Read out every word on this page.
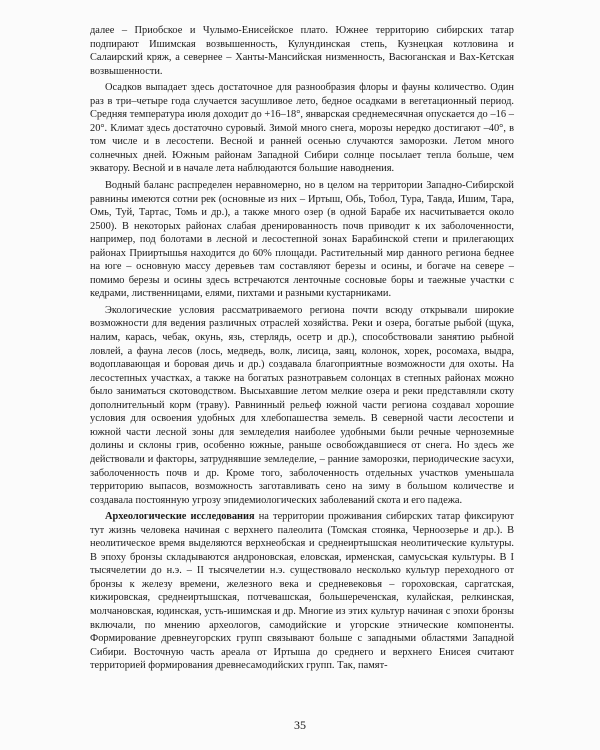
далее – Приобское и Чулымо-Енисейское плато. Южнее территорию сибирских татар подпирают Ишимская возвышенность, Кулундинская степь, Кузнецкая котловина и Салаирский кряж, а севернее – Ханты-Мансийская низменность, Васюганская и Вах-Кетская возвышенности.

Осадков выпадает здесь достаточное для разнообразия флоры и фауны количество. Один раз в три–четыре года случается засушливое лето, бедное осадками в вегетационный период. Средняя температура июля доходит до +16–18°, январская среднемесячная опускается до –16 –20°. Климат здесь достаточно суровый. Зимой много снега, морозы нередко достигают –40°, в том числе и в лесостепи. Весной и ранней осенью случаются заморозки. Летом много солнечных дней. Южным районам Западной Сибири солнце посылает тепла больше, чем экватору. Весной и в начале лета наблюдаются большие наводнения.

Водный баланс распределен неравномерно, но в целом на территории Западно-Сибирской равнины имеются сотни рек (основные из них – Иртыш, Обь, Тобол, Тура, Тавда, Ишим, Тара, Омь, Туй, Тартас, Томь и др.), а также много озер (в одной Барабе их насчитывается около 2500). В некоторых районах слабая дренированность почв приводит к их заболоченности, например, под болотами в лесной и лесостепной зонах Барабинской степи и прилегающих районах Прииртышья находится до 60% площади. Растительный мир данного региона беднее на юге – основную массу деревьев там составляют березы и осины, и богаче на севере – помимо березы и осины здесь встречаются ленточные сосновые боры и таежные участки с кедрами, лиственницами, елями, пихтами и разными кустарниками.

Экологические условия рассматриваемого региона почти всюду открывали широкие возможности для ведения различных отраслей хозяйства. Реки и озера, богатые рыбой (щука, налим, карась, чебак, окунь, язь, стерлядь, осетр и др.), способствовали занятию рыбной ловлей, а фауна лесов (лось, медведь, волк, лисица, заяц, колонок, хорек, росомаха, выдра, водоплавающая и боровая дичь и др.) создавала благоприятные возможности для охоты. На лесостепных участках, а также на богатых разнотравьем солонцах в степных районах можно было заниматься скотоводством. Высыхавшие летом мелкие озера и реки представляли скоту дополнительный корм (траву). Равнинный рельеф южной части региона создавал хорошие условия для освоения удобных для хлебопашества земель. В северной части лесостепи и южной части лесной зоны для земледелия наиболее удобными были речные черноземные долины и склоны грив, особенно южные, раньше освобождавшиеся от снега. Но здесь же действовали и факторы, затруднявшие земледелие, – ранние заморозки, периодические засухи, заболоченность почв и др. Кроме того, заболоченность отдельных участков уменьшала территорию выпасов, возможность заготавливать сено на зиму в большом количестве и создавала постоянную угрозу эпидемиологических заболеваний скота и его падежа.

Археологические исследования на территории проживания сибирских татар фиксируют тут жизнь человека начиная с верхнего палеолита (Томская стоянка, Черноозерье и др.). В неолитическое время выделяются верхнеобская и среднеиртышская неолитические культуры. В эпоху бронзы складываются андроновская, еловская, ирменская, самусьская культуры. В I тысячелетии до н.э. – II тысячелетии н.э. существовало несколько культур переходного от бронзы к железу времени, железного века и средневековья – гороховская, саргатская, кижировская, среднеиртышская, потчевашская, большереченская, кулайская, релкинская, молчановская, юдинская, усть-ишимская и др. Многие из этих культур начиная с эпохи бронзы включали, по мнению археологов, самодийские и угорские этнические компоненты. Формирование древнеугорских групп связывают больше с западными областями Западной Сибири. Восточную часть ареала от Иртыша до среднего и верхнего Енисея считают территорией формирования древнесамодийских групп. Так, памят-

35
